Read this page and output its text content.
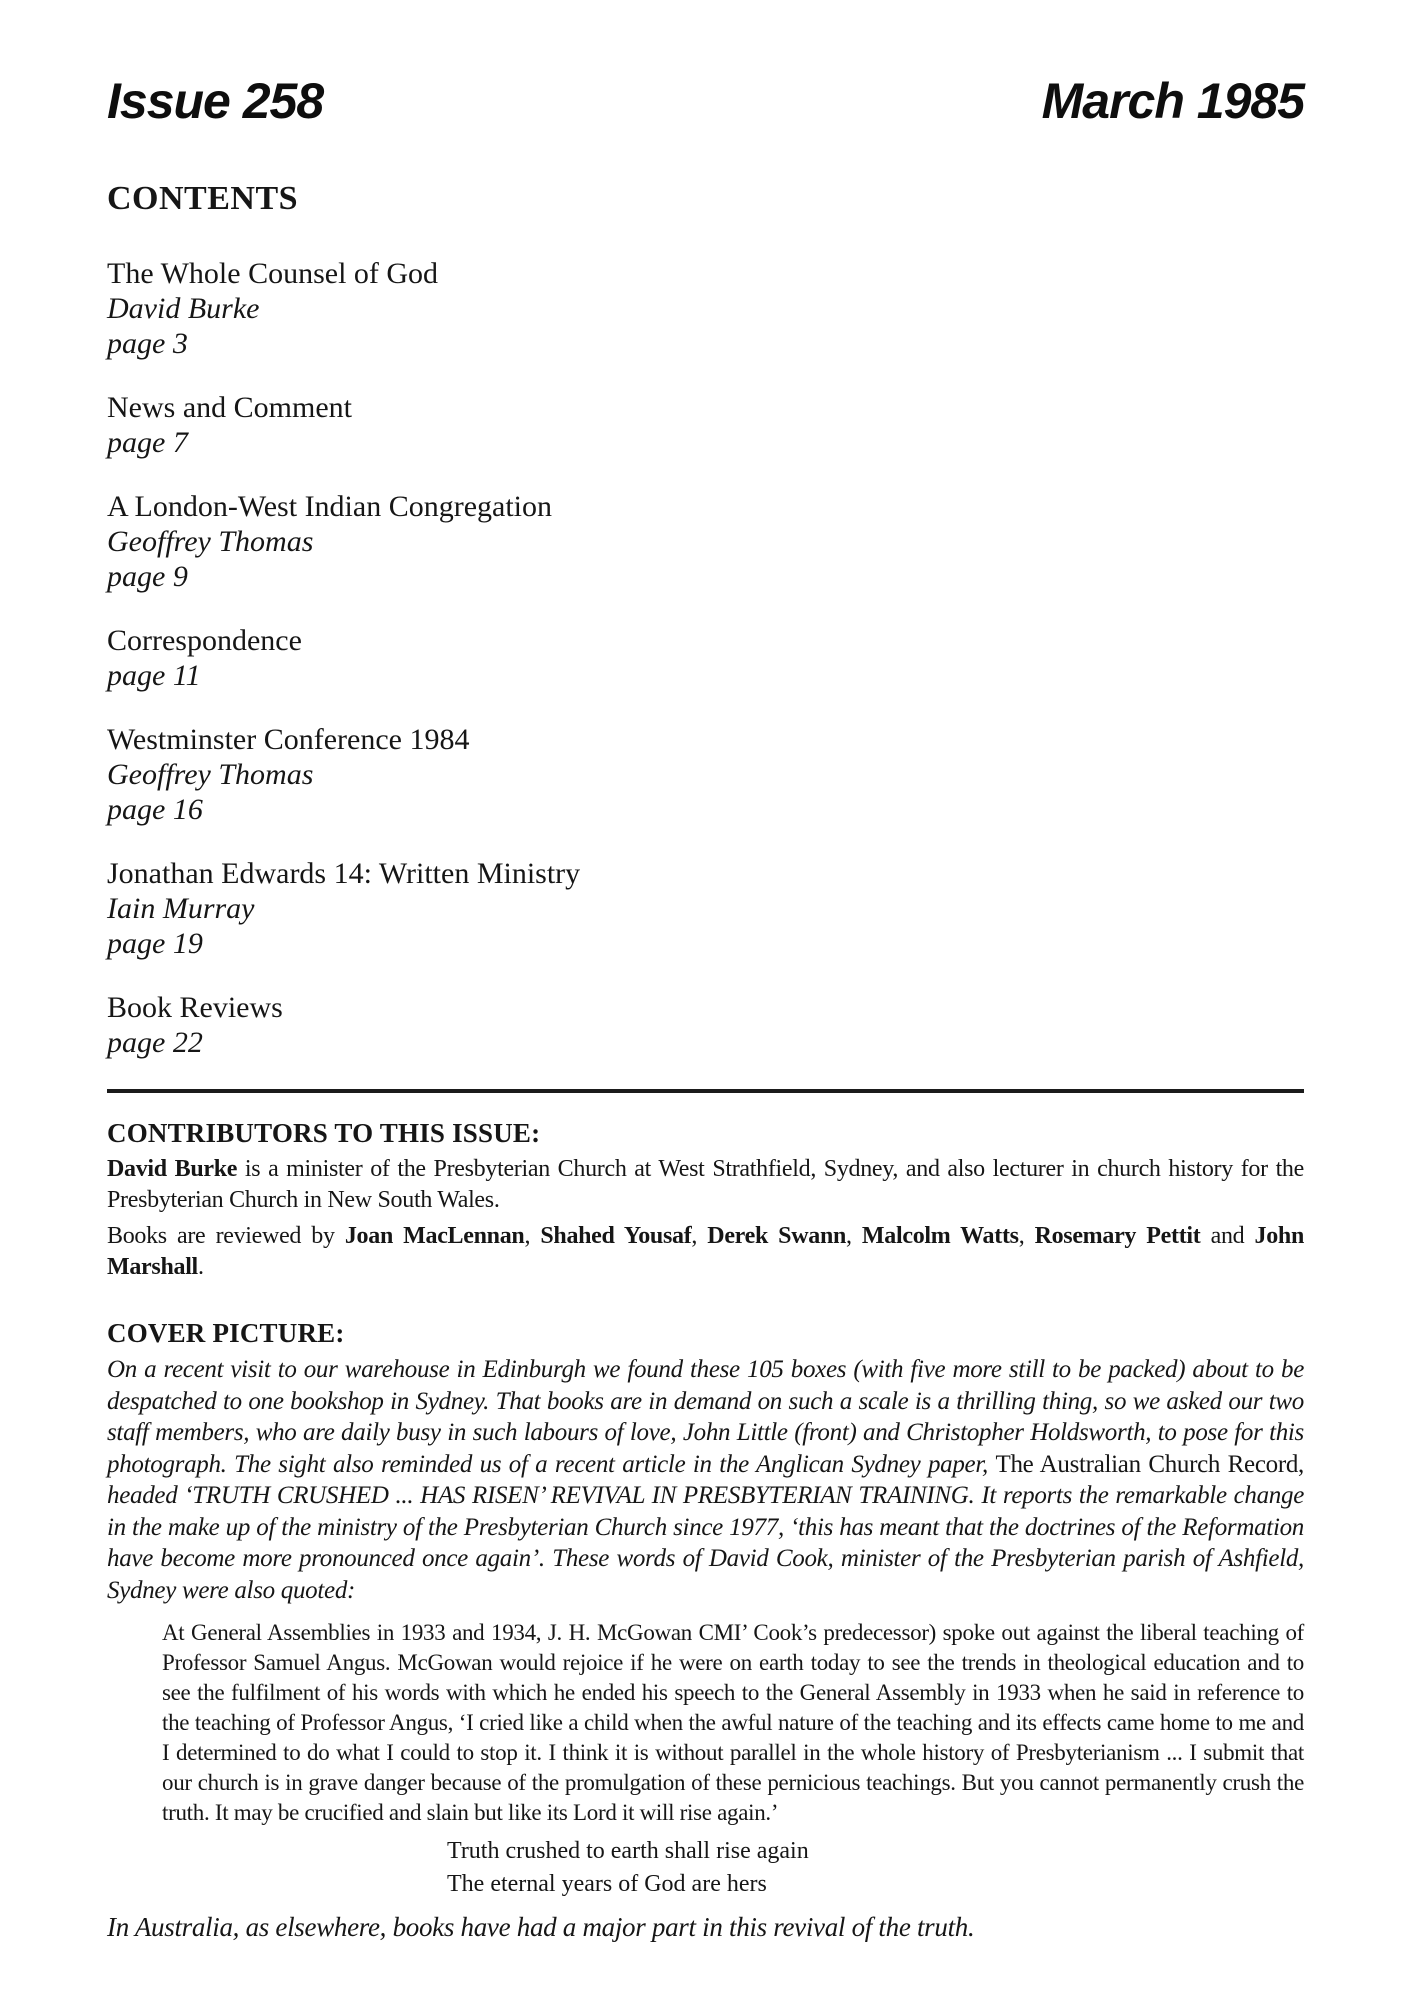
Issue 258	March 1985
CONTENTS
The Whole Counsel of God
David Burke
page 3
News and Comment
page 7
A London-West Indian Congregation
Geoffrey Thomas
page 9
Correspondence
page 11
Westminster Conference 1984
Geoffrey Thomas
page 16
Jonathan Edwards 14: Written Ministry
Iain Murray
page 19
Book Reviews
page 22
CONTRIBUTORS TO THIS ISSUE:

David Burke is a minister of the Presbyterian Church at West Strathfield, Sydney, and also lecturer in church history for the Presbyterian Church in New South Wales.

Books are reviewed by Joan MacLennan, Shahed Yousaf, Derek Swann, Malcolm Watts, Rosemary Pettit and John Marshall.

COVER PICTURE:

On a recent visit to our warehouse in Edinburgh we found these 105 boxes (with five more still to be packed) about to be despatched to one bookshop in Sydney. That books are in demand on such a scale is a thrilling thing, so we asked our two staff members, who are daily busy in such labours of love, John Little (front) and Christopher Holdsworth, to pose for this photograph. The sight also reminded us of a recent article in the Anglican Sydney paper, The Australian Church Record, headed ‘TRUTH CRUSHED ... HAS RISEN’ REVIVAL IN PRESBYTERIAN TRAINING. It reports the remarkable change in the make up of the ministry of the Presbyterian Church since 1977, ‘this has meant that the doctrines of the Reformation have become more pronounced once again’. These words of David Cook, minister of the Presbyterian parish of Ashfield, Sydney were also quoted:

At General Assemblies in 1933 and 1934, J. H. McGowan CMI’ Cook’s predecessor) spoke out against the liberal teaching of Professor Samuel Angus. McGowan would rejoice if he were on earth today to see the trends in theological education and to see the fulfilment of his words with which he ended his speech to the General Assembly in 1933 when he said in reference to the teaching of Professor Angus, ‘I cried like a child when the awful nature of the teaching and its effects came home to me and I determined to do what I could to stop it. I think it is without parallel in the whole history of Presbyterianism ... I submit that our church is in grave danger because of the promulgation of these pernicious teachings. But you cannot permanently crush the truth. It may be crucified and slain but like its Lord it will rise again.’
Truth crushed to earth shall rise again
The eternal years of God are hers

In Australia, as elsewhere, books have had a major part in this revival of the truth.
